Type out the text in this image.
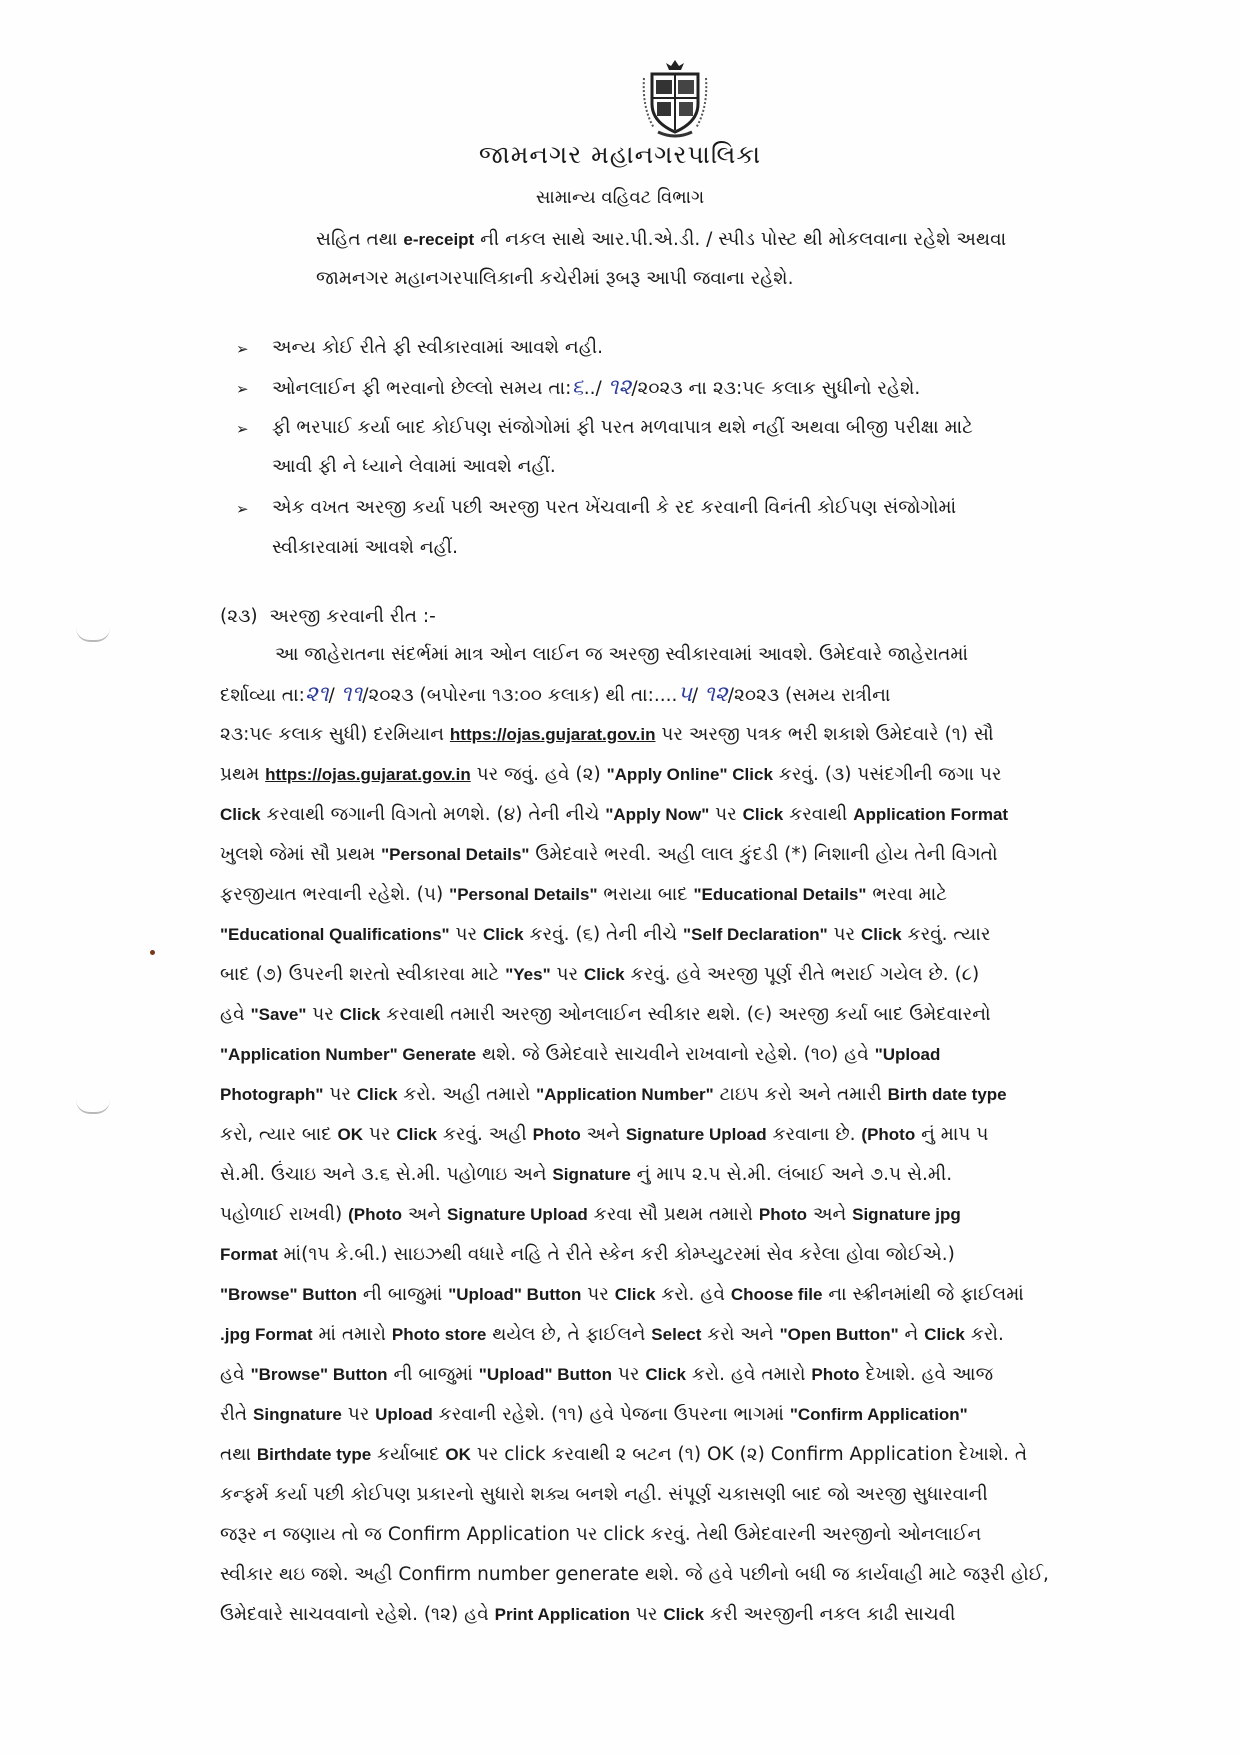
જામનગર મહાનગરપાલિકા
સામાન્ય વહિવટ વિભાગ
સહિત તથા e-receipt ની નકલ સાથે આર.પી.એ.ડી. / સ્પીડ પોસ્ટ થી મોકલવાના રહેશે અથવા
જામનગર મહાનગરપાલિકાની કચેરીમાં રૂબરૂ આપી જવાના રહેશે.
➢ અન્ય કોઈ રીતે ફી સ્વીકારવામાં આવશે નહી.
➢ ઓનલાઈન ફી ભરવાનો છેલ્લો સમય તા:૬../ ૧૨/૨૦૨૩ ના ૨૩:૫૯ કલાક સુધીનો રહેશે.
➢ ફી ભરપાઈ કર્યા બાદ કોઈપણ સંજોગોમાં ફી પરત મળવાપાત્ર થશે નહીં અથવા બીજી પરીક્ષા માટે
આવી ફી ને ધ્યાને લેવામાં આવશે નહીં.
➢ એક વખત અરજી કર્યા પછી અરજી પરત ખેંચવાની કે રદ કરવાની વિનંતી કોઈપણ સંજોગોમાં
સ્વીકારવામાં આવશે નહીં.
(૨૩) અરજી કરવાની રીત :-
આ જાહેરાતના સંદર્ભમાં માત્ર ઓન લાઈન જ અરજી સ્વીકારવામાં આવશે. ઉમેદવારે જાહેરાતમાં
દર્શાવ્યા તા:૨૧/ ૧૧/૨૦૨૩ (બપોરના ૧૩:૦૦ કલાક) થી તા:....૫/ ૧૨/૨૦૨૩ (સમય રાત્રીના
૨૩:૫૯ કલાક સુધી) દરમિયાન https://ojas.gujarat.gov.in પર અરજી પત્રક ભરી શકાશે ઉમેદવારે (૧) સૌ
પ્રથમ https://ojas.gujarat.gov.in પર જવું. હવે (૨) "Apply Online" Click કરવું. (૩) પસંદગીની જગા પર
Click કરવાથી જગાની વિગતો મળશે. (૪) તેની નીચે "Apply Now" પર Click કરવાથી Application Format
ખુલશે જેમાં સૌ પ્રથમ "Personal Details" ઉમેદવારે ભરવી. અહી લાલ કુંદડી (*) નિશાની હોય તેની વિગતો
ફરજીયાત ભરવાની રહેશે. (૫) "Personal Details" ભરાયા બાદ "Educational Details" ભરવા માટે
"Educational Qualifications" પર Click કરવું. (૬) તેની નીચે "Self Declaration" પર Click કરવું. ત્યાર
બાદ (૭) ઉપરની શરતો સ્વીકારવા માટે "Yes" પર Click કરવું. હવે અરજી પૂર્ણ રીતે ભરાઈ ગયેલ છે. (૮)
હવે "Save" પર Click કરવાથી તમારી અરજી ઓનલાઈન સ્વીકાર થશે. (૯) અરજી કર્યા બાદ ઉમેદવારનો
"Application Number" Generate થશે. જે ઉમેદવારે સાચવીને રાખવાનો રહેશે. (૧૦) હવે "Upload
Photograph" પર Click કરો. અહી તમારો "Application Number" ટાઇપ કરો અને તમારી Birth date type
કરો, ત્યાર બાદ OK પર Click કરવું. અહી Photo અને Signature Upload કરવાના છે. (Photo નું માપ ૫
સે.મી. ઉંચાઇ અને ૩.૬ સે.મી. પહોળાઇ અને Signature નું માપ ૨.૫ સે.મી. લંબાઈ અને ૭.૫ સે.મી.
પહોળાઈ રાખવી) (Photo અને Signature Upload કરવા સૌ પ્રથમ તમારો Photo અને Signature jpg
Format માં(૧૫ કે.બી.) સાઇઝથી વધારે નહિ તે રીતે સ્કેન કરી કોમ્પ્યુટરમાં સેવ કરેલા હોવા જોઈએ.)
"Browse" Button ની બાજુમાં "Upload" Button પર Click કરો. હવે Choose file ના સ્ક્રીનમાંથી જે ફાઈલમાં
.jpg Format માં તમારો Photo store થયેલ છે, તે ફાઈલને Select કરો અને "Open Button" ને Click કરો.
હવે "Browse" Button ની બાજુમાં "Upload" Button પર Click કરો. હવે તમારો Photo દેખાશે. હવે આજ
રીતે Singnature પર Upload કરવાની રહેશે. (૧૧) હવે પેજના ઉપરના ભાગમાં "Confirm Application"
તથા Birthdate type કર્યાબાદ OK પર click કરવાથી ૨ બટન (૧) OK (૨) Confirm Application દેખાશે. તે
કન્ફર્મ કર્યા પછી કોઈપણ પ્રકારનો સુધારો શક્ય બનશે નહી. સંપૂર્ણ ચકાસણી બાદ જો અરજી સુધારવાની
જરૂર ન જણાય તો જ Confirm Application પર click કરવું. તેથી ઉમેદવારની અરજીનો ઓનલાઈન
સ્વીકાર થઇ જશે. અહી Confirm number generate થશે. જે હવે પછીનો બધી જ કાર્યવાહી માટે જરૂરી હોઈ,
ઉમેદવારે સાચવવાનો રહેશે. (૧૨) હવે Print Application પર Click કરી અરજીની નકલ કાઢી સાચવી
